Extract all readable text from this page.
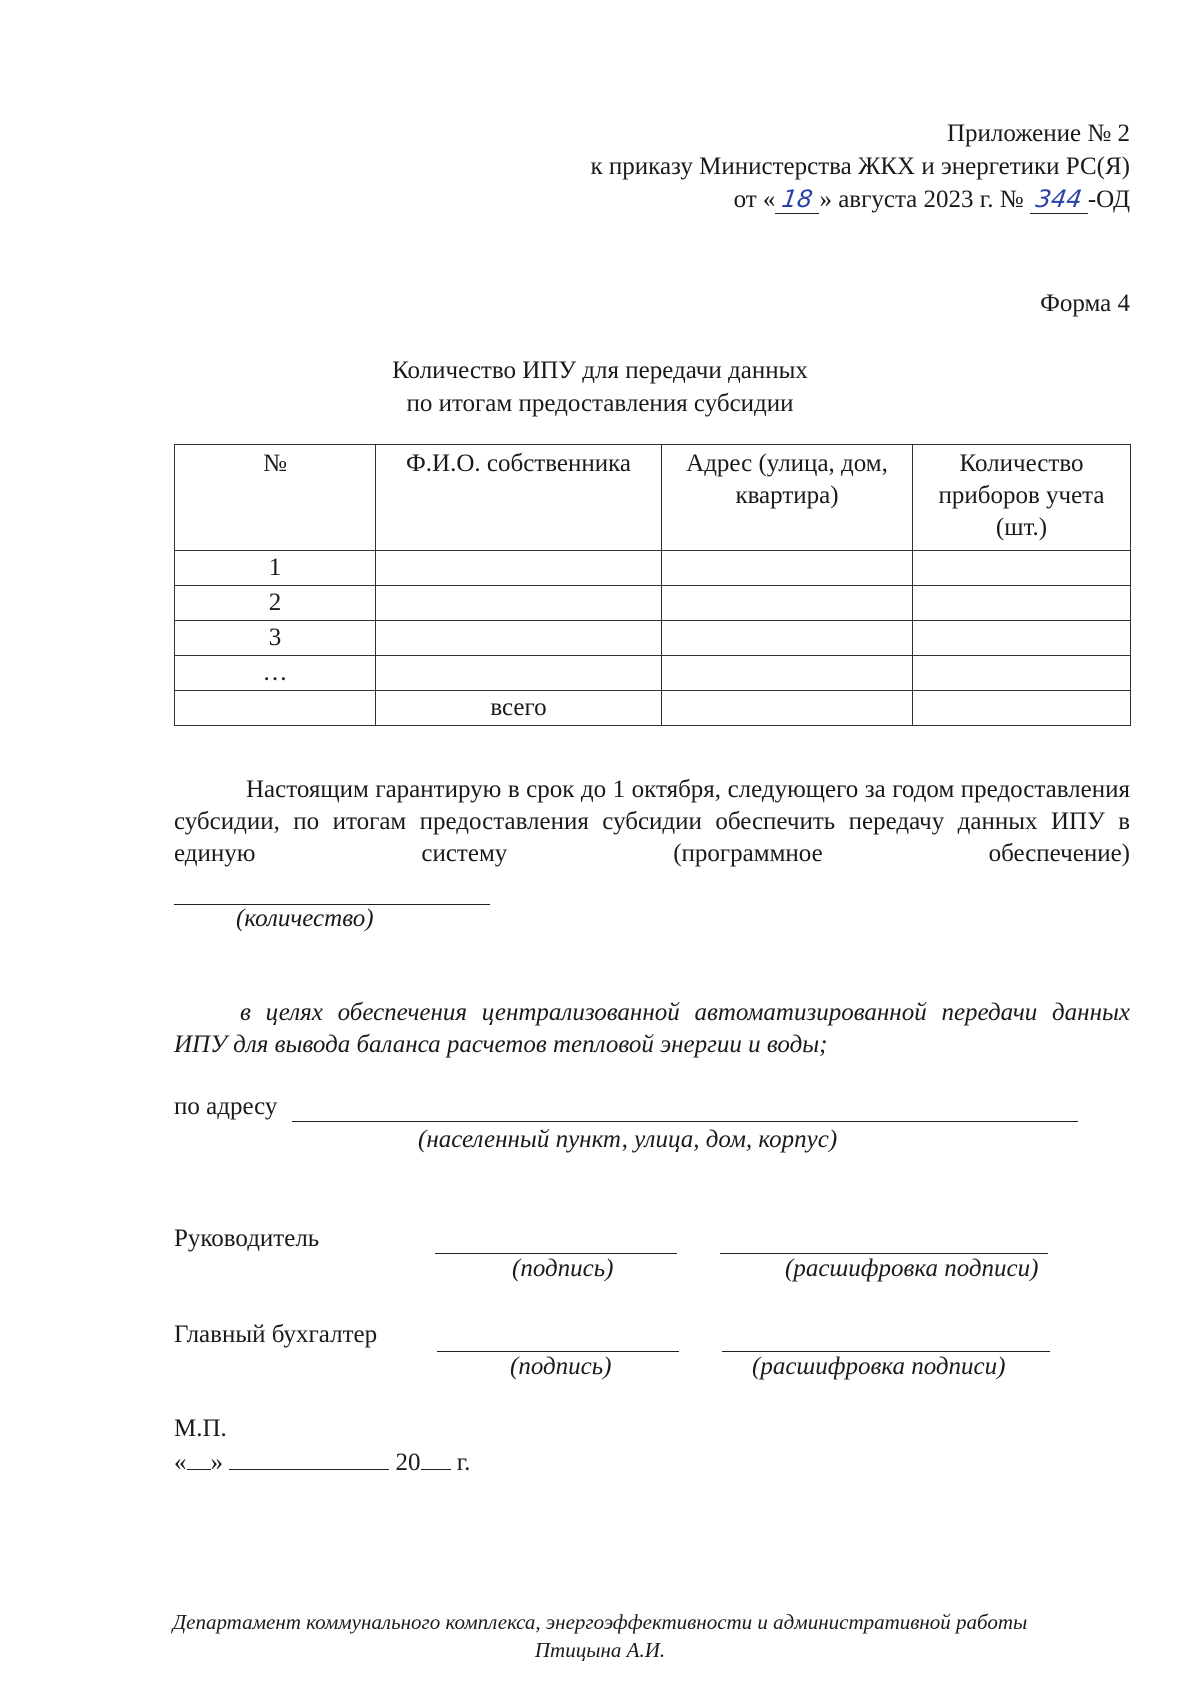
Приложение № 2
к приказу Министерства ЖКХ и энергетики РС(Я)
от « 18 » августа 2023 г. № 344 -ОД
Форма 4
Количество ИПУ для передачи данных
по итогам предоставления субсидии
№	Ф.И.О. собственника	Адрес (улица, дом, квартира)	Количество приборов учета (шт.)
1			
2			
3			
…			
	всего		
Настоящим гарантирую в срок до 1 октября, следующего за годом предоставления субсидии, по итогам предоставления субсидии обеспечить передачу данных ИПУ в единую систему (программное обеспечение)
(количество)
в целях обеспечения централизованной автоматизированной передачи данных ИПУ для вывода баланса расчетов тепловой энергии и воды;
по адресу
(населенный пункт, улица, дом, корпус)
Руководитель
(подпись)	(расшифровка подписи)
Главный бухгалтер
(подпись)	(расшифровка подписи)
М.П.
« »	20 г.
Департамент коммунального комплекса, энергоэффективности и административной работы
Птицына А.И.
